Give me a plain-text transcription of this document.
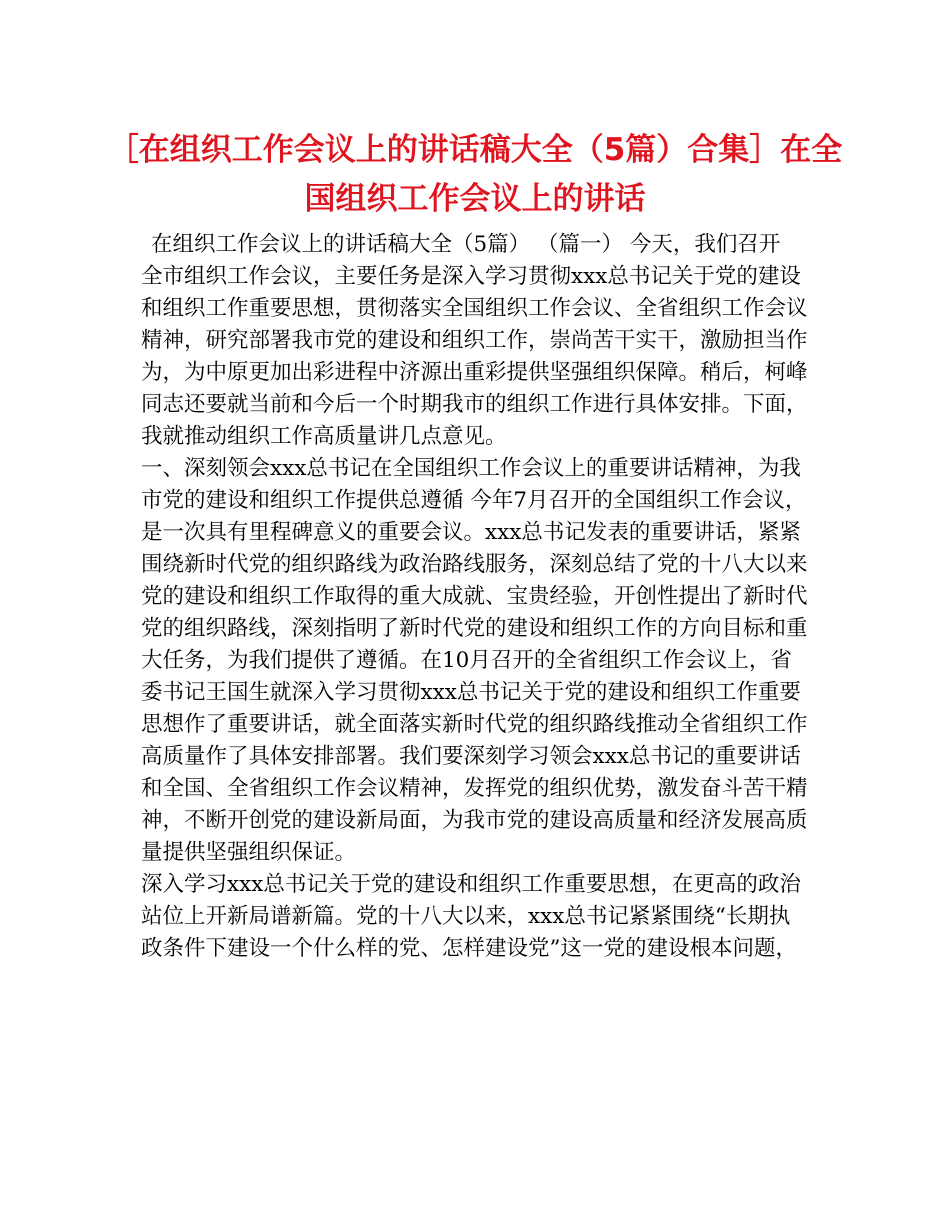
［在组织工作会议上的讲话稿大全（5篇）合集］在全
国组织工作会议上的讲话
在组织工作会议上的讲话稿大全（5篇） （篇一） 今天，我们召开
全市组织工作会议，主要任务是深入学习贯彻xxx总书记关于党的建设
和组织工作重要思想，贯彻落实全国组织工作会议、全省组织工作会议
精神，研究部署我市党的建设和组织工作，崇尚苦干实干，激励担当作
为，为中原更加出彩进程中济源出重彩提供坚强组织保障。稍后，柯峰
同志还要就当前和今后一个时期我市的组织工作进行具体安排。下面，
我就推动组织工作高质量讲几点意见。
一、深刻领会xxx总书记在全国组织工作会议上的重要讲话精神，为我
市党的建设和组织工作提供总遵循 今年7月召开的全国组织工作会议，
是一次具有里程碑意义的重要会议。xxx总书记发表的重要讲话，紧紧
围绕新时代党的组织路线为政治路线服务，深刻总结了党的十八大以来
党的建设和组织工作取得的重大成就、宝贵经验，开创性提出了新时代
党的组织路线，深刻指明了新时代党的建设和组织工作的方向目标和重
大任务，为我们提供了遵循。在10月召开的全省组织工作会议上，省
委书记王国生就深入学习贯彻xxx总书记关于党的建设和组织工作重要
思想作了重要讲话，就全面落实新时代党的组织路线推动全省组织工作
高质量作了具体安排部署。我们要深刻学习领会xxx总书记的重要讲话
和全国、全省组织工作会议精神，发挥党的组织优势，激发奋斗苦干精
神，不断开创党的建设新局面，为我市党的建设高质量和经济发展高质
量提供坚强组织保证。
深入学习xxx总书记关于党的建设和组织工作重要思想，在更高的政治
站位上开新局谱新篇。党的十八大以来，xxx总书记紧紧围绕“长期执
政条件下建设一个什么样的党、怎样建设党”这一党的建设根本问题，
